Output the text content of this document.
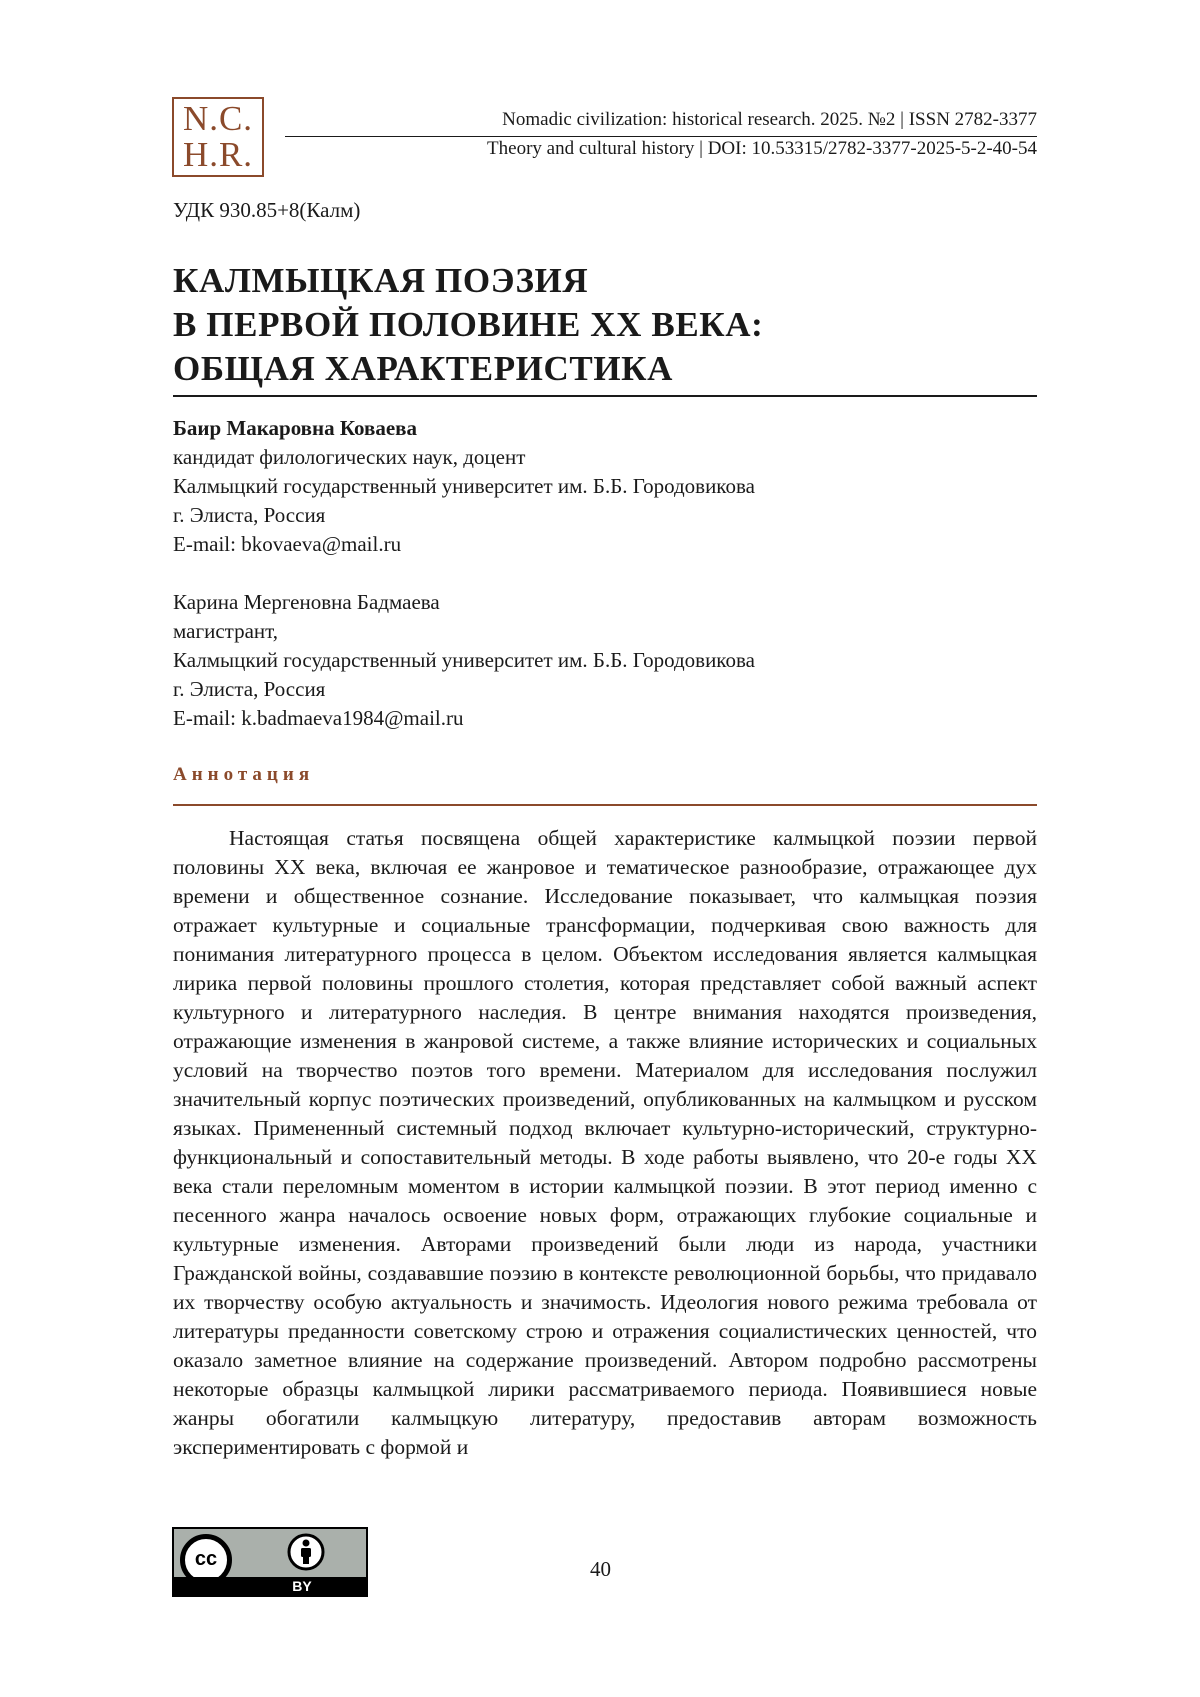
N.C.
H.R.
Nomadic civilization: historical research. 2025. №2 | ISSN 2782-3377
Theory and cultural history | DOI: 10.53315/2782-3377-2025-5-2-40-54
УДК 930.85+8(Калм)
КАЛМЫЦКАЯ ПОЭЗИЯ
В ПЕРВОЙ ПОЛОВИНЕ XX ВЕКА:
ОБЩАЯ ХАРАКТЕРИСТИКА
Баир Макаровна Коваева
кандидат филологических наук, доцент
Калмыцкий государственный университет им. Б.Б. Городовикова
г. Элиста, Россия
E-mail: bkovaeva@mail.ru
Карина Мергеновна Бадмаева
магистрант,
Калмыцкий государственный университет им. Б.Б. Городовикова
г. Элиста, Россия
E-mail: k.badmaeva1984@mail.ru
Аннотация
Настоящая статья посвящена общей характеристике калмыцкой поэзии первой половины XX века, включая ее жанровое и тематическое разнообразие, отражающее дух времени и общественное сознание. Исследование показывает, что калмыцкая поэзия отражает культурные и социальные трансформации, подчеркивая свою важность для понимания литературного процесса в целом. Объектом исследования является калмыцкая лирика первой половины прошлого столетия, которая представляет собой важный аспект культурного и литературного наследия. В центре внимания находятся произведения, отражающие изменения в жанровой системе, а также влияние исторических и социальных условий на творчество поэтов того времени. Материалом для исследования послужил значительный корпус поэтических произведений, опубликованных на калмыцком и русском языках. Примененный системный подход включает культурно-исторический, структурно-функциональный и сопоставительный методы. В ходе работы выявлено, что 20-е годы XX века стали переломным моментом в истории калмыцкой поэзии. В этот период именно с песенного жанра началось освоение новых форм, отражающих глубокие социальные и культурные изменения. Авторами произведений были люди из народа, участники Гражданской войны, создававшие поэзию в контексте революционной борьбы, что придавало их творчеству особую актуальность и значимость. Идеология нового режима требовала от литературы преданности советскому строю и отражения социалистических ценностей, что оказало заметное влияние на содержание произведений. Автором подробно рассмотрены некоторые образцы калмыцкой лирики рассматриваемого периода. Появившиеся новые жанры обогатили калмыцкую литературу, предоставив авторам возможность экспериментировать с формой и
cc
BY
40
